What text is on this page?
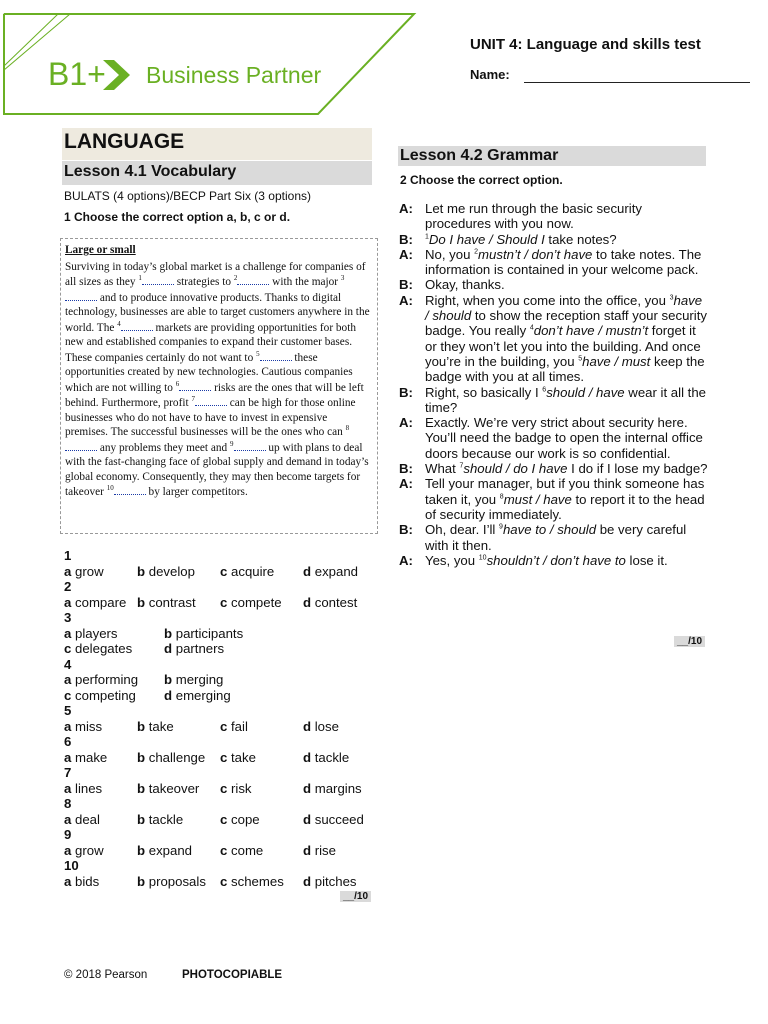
B1+ Business Partner
UNIT 4: Language and skills test
Name:
LANGUAGE
Lesson 4.1 Vocabulary
BULATS (4 options)/BECP Part Six (3 options)
1 Choose the correct option a, b, c or d.
Large or small
Surviving in today’s global market is a challenge for companies of all sizes as they $^1$	strategies to $^2$	with the major $^3$ and to produce innovative products. Thanks to digital technology, businesses are able to target customers anywhere in the world. The $^4$	markets are providing opportunities for both new and established companies to expand their customer bases. These companies certainly do not want to $^5$	these opportunities created by new technologies. Cautious companies which are not willing to $^6$	risks are the ones that will be left behind. Furthermore, profit $^7$	can be high for those online businesses who do not have to have to invest in expensive premises. The successful businesses will be the ones who can $^8$ any problems they meet and $^9$	up with plans to deal with the fast-changing face of global supply and demand in today’s global economy. Consequently, they may then become targets for takeover $^{10}$	by larger competitors.
1
a grow	b develop	c acquire	d expand
2
a compare b contrast	c compete	d contest
3
a players	b participants
c delegates	d partners
4
a performing	b merging
c competing	d emerging
5
a miss	b take	c fail	d lose
6
a make	b challenge	c take	d tackle
7
a lines	b takeover	c risk	d margins
8
a deal	b tackle	c cope	d succeed
9
a grow	b expand	c come	d rise
10
a bids	b proposals	c schemes	d pitches
__/10
Lesson 4.2 Grammar
2 Choose the correct option.
A: Let me run through the basic security procedures with you now.
B:	$^1$Do I have / Should I take notes?
A: No, you $^2$mustn’t / don’t have to take notes. The information is contained in your welcome pack.
B: Okay, thanks.
A: Right, when you come into the office, you $^3$have / should to show the reception staff your security badge. You really $^4$don’t have / mustn’t forget it or they won’t let you into the building. And once you’re in the building, you $^5$have / must keep the badge with you at all times.
B: Right, so basically I $^6$should / have wear it all the time?
A: Exactly. We’re very strict about security here. You’ll need the badge to open the internal office doors because our work is so confidential.
B: What $^7$should / do I have I do if I lose my badge?
A: Tell your manager, but if you think someone has taken it, you $^8$must / have to report it to the head of security immediately.
B: Oh, dear. I’ll $^9$have to / should be very careful with it then.
A: Yes, you $^{10}$shouldn’t / don’t have to lose it.
__/10
© 2018 Pearson	PHOTOCOPIABLE
